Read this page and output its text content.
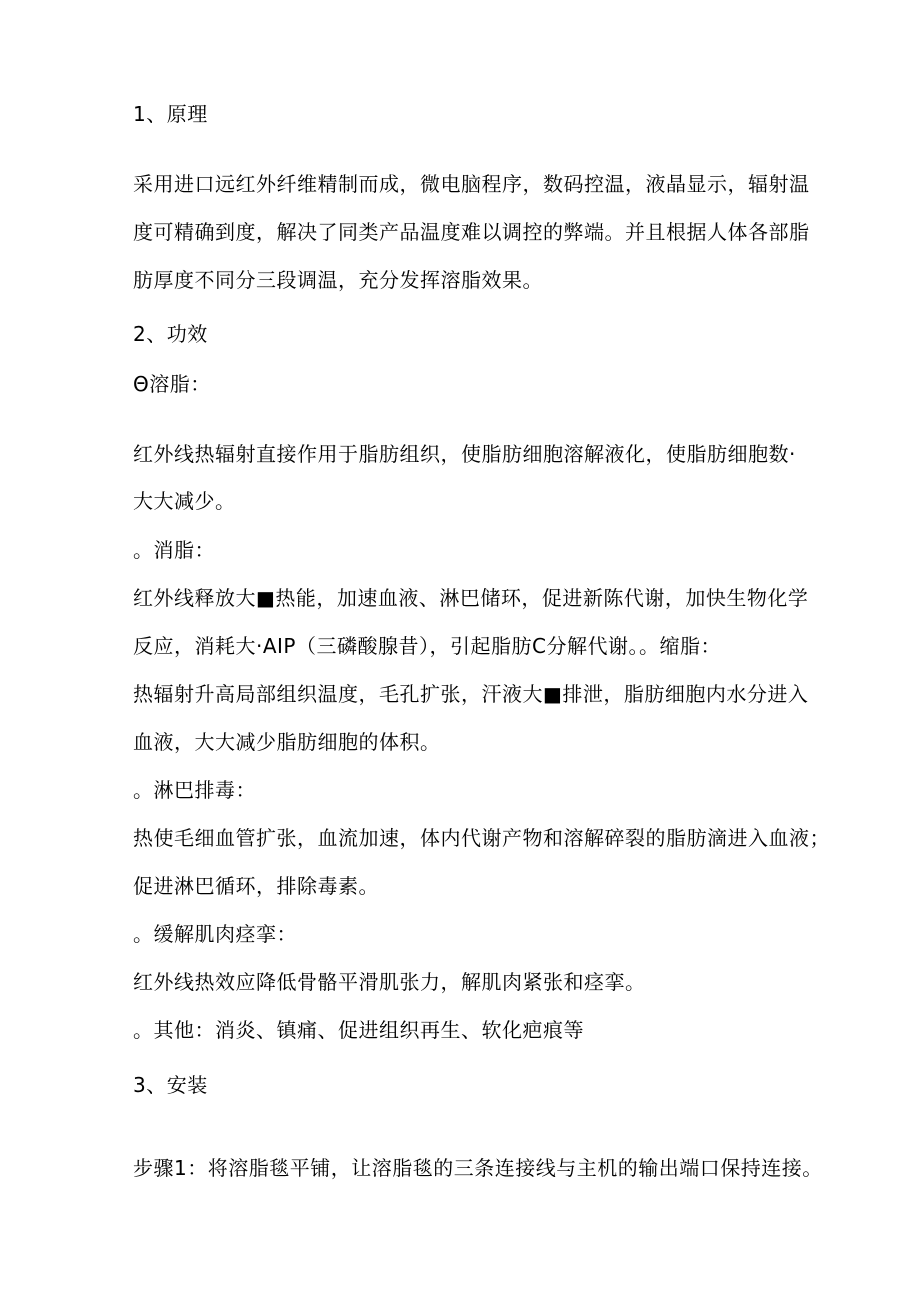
1、原理
采用进口远红外纤维精制而成，微电脑程序，数码控温，液晶显示，辐射温
度可精确到度，解决了同类产品温度难以调控的弊端。并且根据人体各部脂
肪厚度不同分三段调温，充分发挥溶脂效果。
2、功效
Θ溶脂：
红外线热辐射直接作用于脂肪组织，使脂肪细胞溶解液化，使脂肪细胞数·
大大减少。
。消脂：
红外线释放大■热能，加速血液、淋巴储环，促进新陈代谢，加快生物化学
反应，消耗大·AIP（三磷酸腺昔），引起脂肪C分解代谢。。缩脂：
热辐射升高局部组织温度，毛孔扩张，汗液大■排泄，脂肪细胞内水分进入
血液，大大减少脂肪细胞的体积。
。淋巴排毒：
热使毛细血管扩张，血流加速，体内代谢产物和溶解碎裂的脂肪滴进入血液；
促进淋巴循环，排除毒素。
。缓解肌肉痉挛：
红外线热效应降低骨骼平滑肌张力，解肌肉紧张和痉挛。
。其他：消炎、镇痛、促进组织再生、软化疤痕等
3、安装
步骤1：将溶脂毯平铺，让溶脂毯的三条连接线与主机的输出端口保持连接。
